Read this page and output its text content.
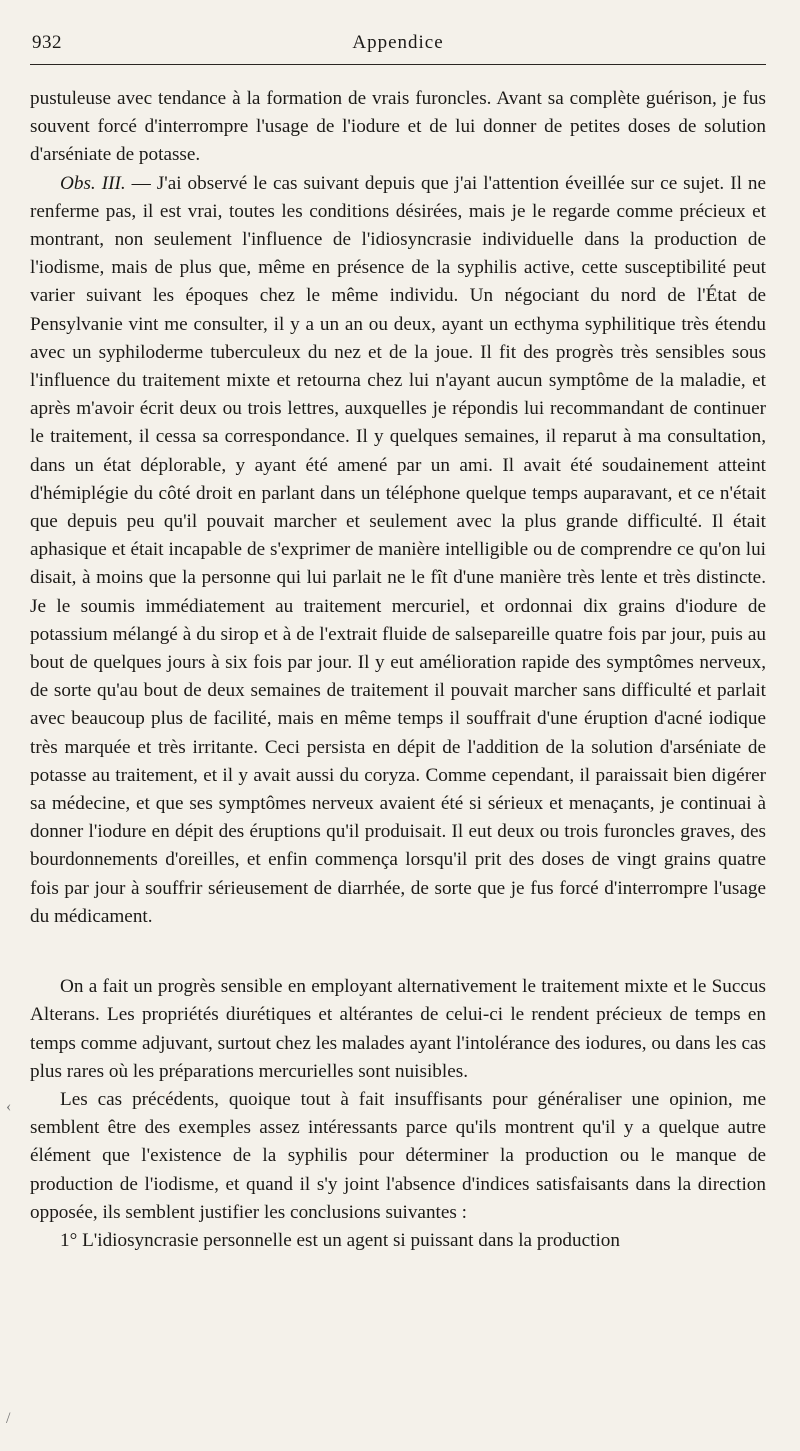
932	Appendice

pustuleuse avec tendance à la formation de vrais furoncles. Avant sa complète guérison, je fus souvent forcé d'interrompre l'usage de l'iodure et de lui donner de petites doses de solution d'arséniate de potasse.

Obs. III. — J'ai observé le cas suivant depuis que j'ai l'attention éveillée sur ce sujet. Il ne renferme pas, il est vrai, toutes les conditions désirées, mais je le regarde comme précieux et montrant, non seulement l'influence de l'idiosyncrasie individuelle dans la production de l'iodisme, mais de plus que, même en présence de la syphilis active, cette susceptibilité peut varier suivant les époques chez le même individu. Un négociant du nord de l'État de Pensylvanie vint me consulter, il y a un an ou deux, ayant un ecthyma syphilitique très étendu avec un syphiloderme tuberculeux du nez et de la joue. Il fit des progrès très sensibles sous l'influence du traitement mixte et retourna chez lui n'ayant aucun symptôme de la maladie, et après m'avoir écrit deux ou trois lettres, auxquelles je répondis lui recommandant de continuer le traitement, il cessa sa correspondance. Il y quelques semaines, il reparut à ma consultation, dans un état déplorable, y ayant été amené par un ami. Il avait été soudainement atteint d'hémiplégie du côté droit en parlant dans un téléphone quelque temps auparavant, et ce n'était que depuis peu qu'il pouvait marcher et seulement avec la plus grande difficulté. Il était aphasique et était incapable de s'exprimer de manière intelligible ou de comprendre ce qu'on lui disait, à moins que la personne qui lui parlait ne le fît d'une manière très lente et très distincte. Je le soumis immédiatement au traitement mercuriel, et ordonnai dix grains d'iodure de potassium mélangé à du sirop et à de l'extrait fluide de salsepareille quatre fois par jour, puis au bout de quelques jours à six fois par jour. Il y eut amélioration rapide des symptômes nerveux, de sorte qu'au bout de deux semaines de traitement il pouvait marcher sans difficulté et parlait avec beaucoup plus de facilité, mais en même temps il souffrait d'une éruption d'acné iodique très marquée et très irritante. Ceci persista en dépit de l'addition de la solution d'arséniate de potasse au traitement, et il y avait aussi du coryza. Comme cependant, il paraissait bien digérer sa médecine, et que ses symptômes nerveux avaient été si sérieux et menaçants, je continuai à donner l'iodure en dépit des éruptions qu'il produisait. Il eut deux ou trois furoncles graves, des bourdonnements d'oreilles, et enfin commença lorsqu'il prit des doses de vingt grains quatre fois par jour à souffrir sérieusement de diarrhée, de sorte que je fus forcé d'interrompre l'usage du médicament.

On a fait un progrès sensible en employant alternativement le traitement mixte et le Succus Alterans. Les propriétés diurétiques et altérantes de celui-ci le rendent précieux de temps en temps comme adjuvant, surtout chez les malades ayant l'intolérance des iodures, ou dans les cas plus rares où les préparations mercurielles sont nuisibles.

Les cas précédents, quoique tout à fait insuffisants pour généraliser une opinion, me semblent être des exemples assez intéressants parce qu'ils montrent qu'il y a quelque autre élément que l'existence de la syphilis pour déterminer la production ou le manque de production de l'iodisme, et quand il s'y joint l'absence d'indices satisfaisants dans la direction opposée, ils semblent justifier les conclusions suivantes :

1° L'idiosyncrasie personnelle est un agent si puissant dans la production

‹
/
